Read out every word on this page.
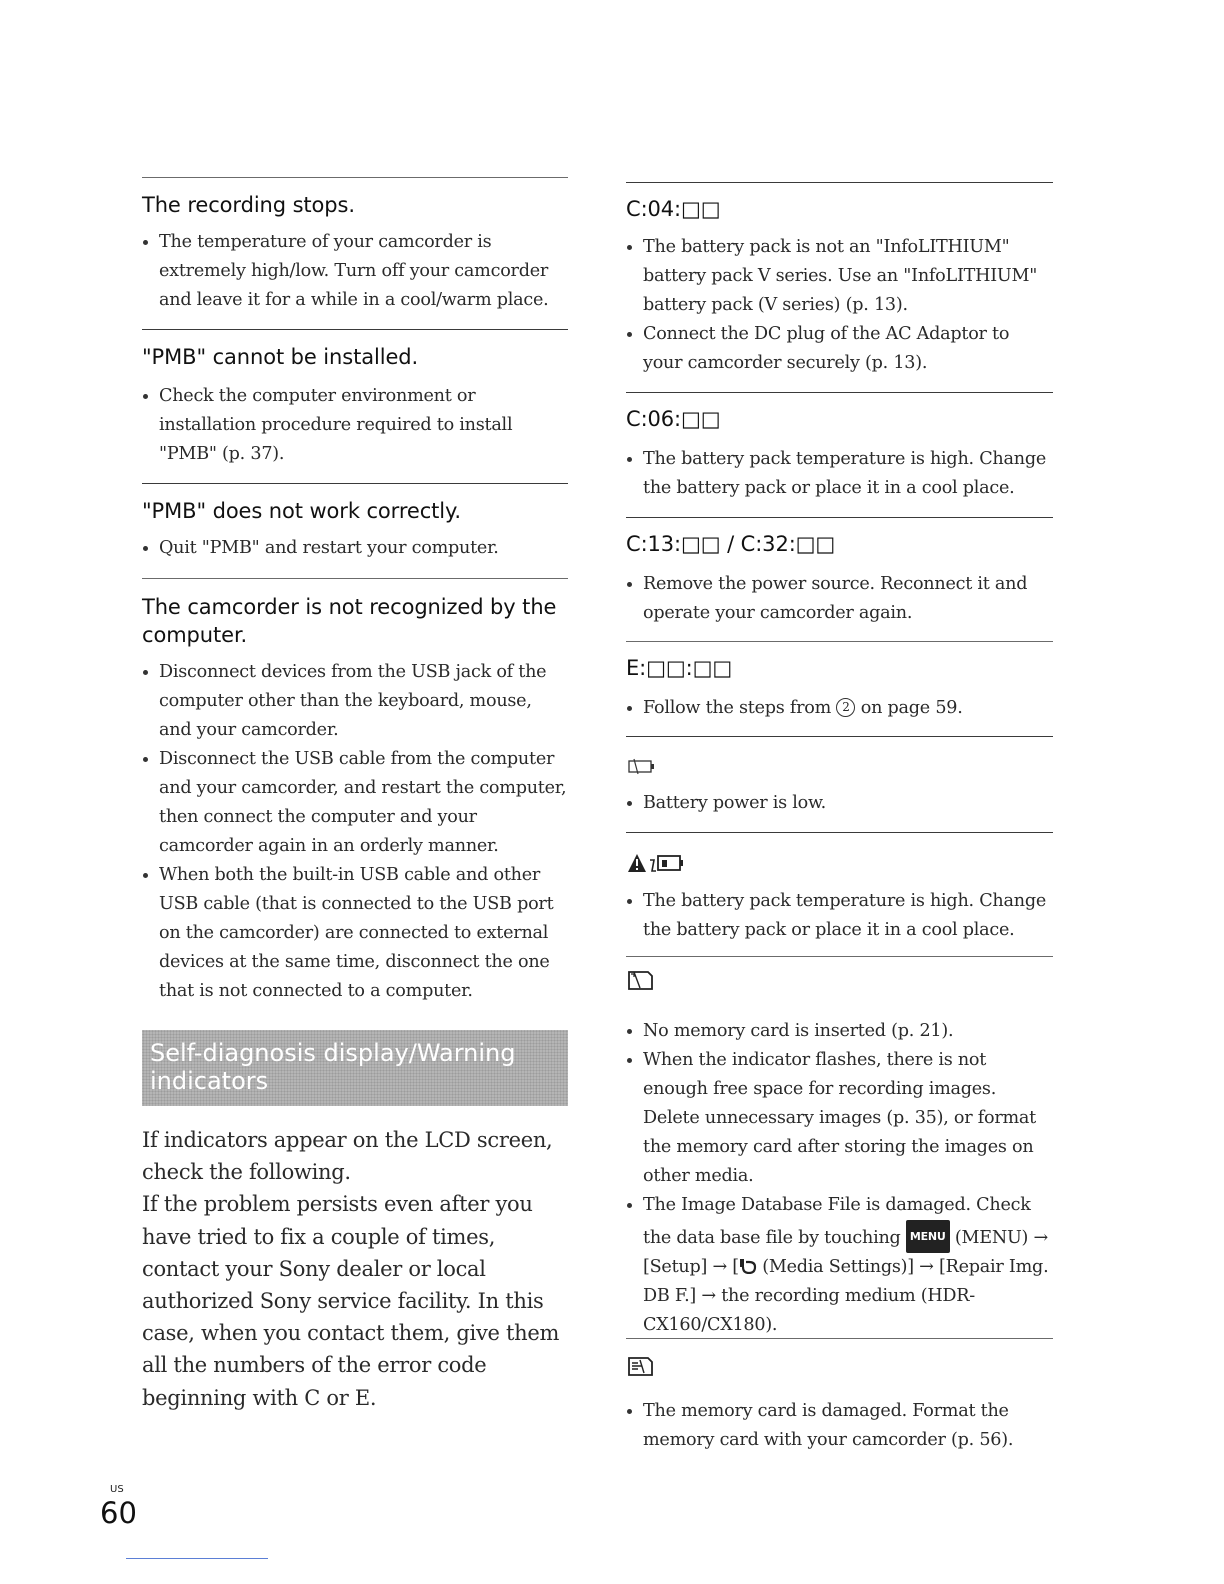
The recording stops.
The temperature of your camcorder is extremely high/low. Turn off your camcorder and leave it for a while in a cool/warm place.
"PMB" cannot be installed.
Check the computer environment or installation procedure required to install "PMB" (p. 37).
"PMB" does not work correctly.
Quit "PMB" and restart your computer.
The camcorder is not recognized by the computer.
Disconnect devices from the USB jack of the computer other than the keyboard, mouse, and your camcorder.
Disconnect the USB cable from the computer and your camcorder, and restart the computer, then connect the computer and your camcorder again in an orderly manner.
When both the built-in USB cable and other USB cable (that is connected to the USB port on the camcorder) are connected to external devices at the same time, disconnect the one that is not connected to a computer.
Self-diagnosis display/Warning indicators

If indicators appear on the LCD screen, check the following.

If the problem persists even after you have tried to fix a couple of times, contact your Sony dealer or local authorized Sony service facility. In this case, when you contact them, give them all the numbers of the error code beginning with C or E.

C:04:□□
The battery pack is not an "InfoLITHIUM" battery pack V series. Use an "InfoLITHIUM" battery pack (V series) (p. 13).
Connect the DC plug of the AC Adaptor to your camcorder securely (p. 13).
C:06:□□
The battery pack temperature is high. Change the battery pack or place it in a cool place.
C:13:□□ / C:32:□□
Remove the power source. Reconnect it and operate your camcorder again.
E:□□:□□
Follow the steps from 2 on page 59.
Battery power is low.
The battery pack temperature is high. Change the battery pack or place it in a cool place.
No memory card is inserted (p. 21).
When the indicator flashes, there is not enough free space for recording images. Delete unnecessary images (p. 35), or format the memory card after storing the images on other media.
The Image Database File is damaged. Check the data base file by touching MENU (MENU) → [Setup] → [ (Media Settings)] → [Repair Img. DB F.] → the recording medium (HDR-CX160/CX180).
The memory card is damaged. Format the memory card with your camcorder (p. 56).
US
60
